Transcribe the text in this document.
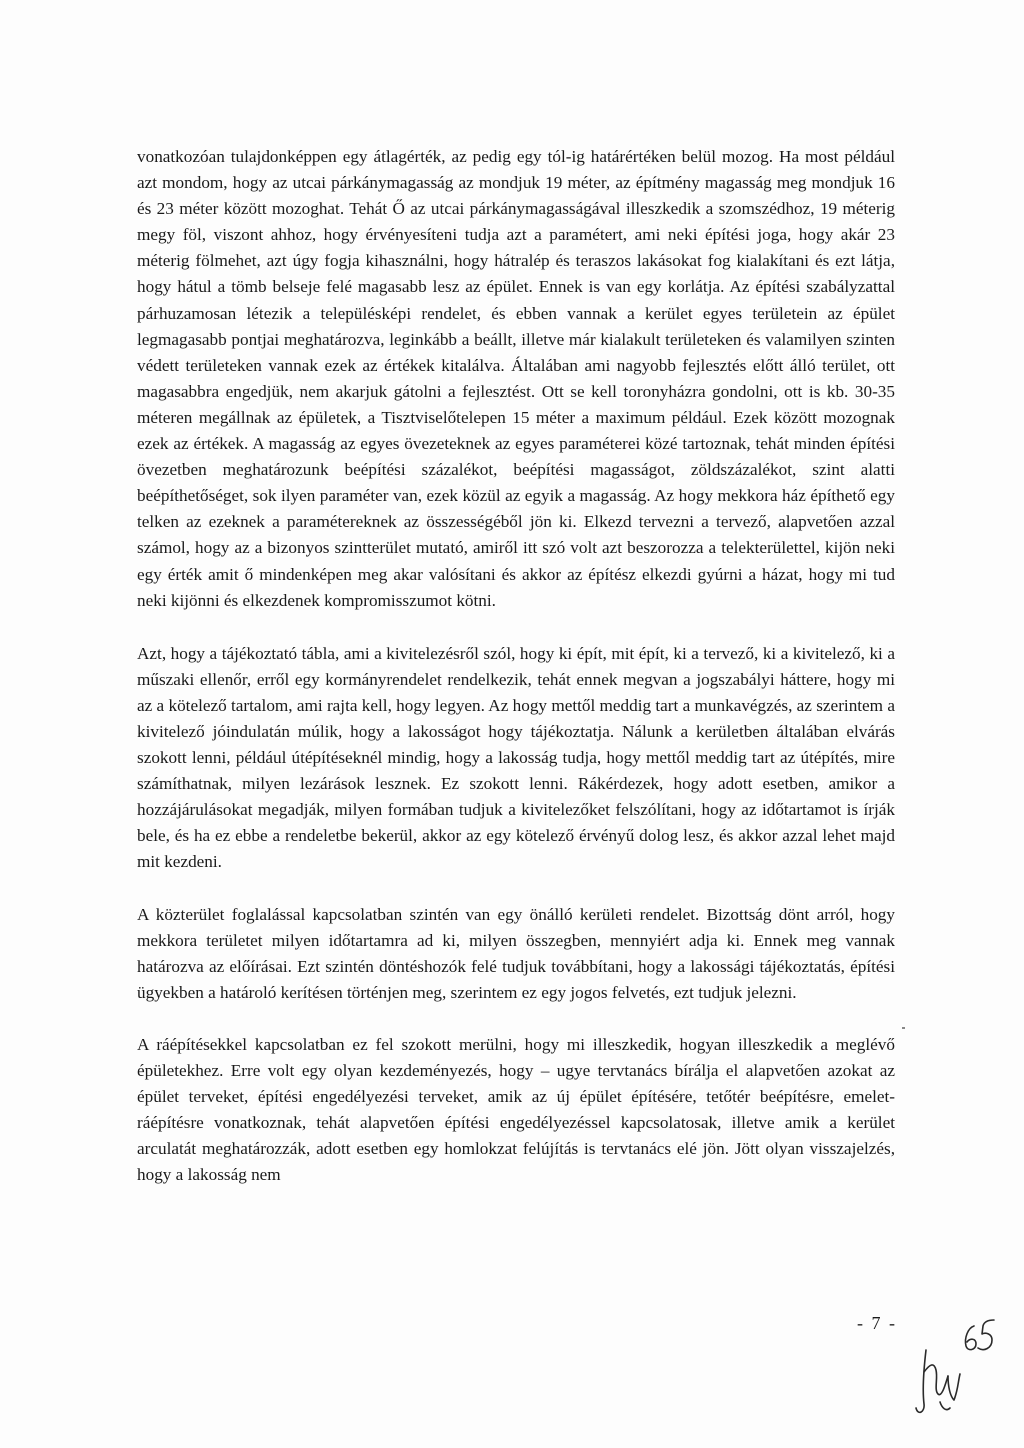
vonatkozóan tulajdonképpen egy átlagérték, az pedig egy tól-ig határértéken belül mozog. Ha most például azt mondom, hogy az utcai párkánymagasság az mondjuk 19 méter, az építmény magasság meg mondjuk 16 és 23 méter között mozoghat. Tehát Ő az utcai párkánymagasságával illeszkedik a szomszédhoz, 19 méterig megy föl, viszont ahhoz, hogy érvényesíteni tudja azt a paramétert, ami neki építési joga, hogy akár 23 méterig fölmehet, azt úgy fogja kihasználni, hogy hátralép és teraszos lakásokat fog kialakítani és ezt látja, hogy hátul a tömb belseje felé magasabb lesz az épület. Ennek is van egy korlátja. Az építési szabályzattal párhuzamosan létezik a településképi rendelet, és ebben vannak a kerület egyes területein az épület legmagasabb pontjai meghatározva, leginkább a beállt, illetve már kialakult területeken és valamilyen szinten védett területeken vannak ezek az értékek kitalálva. Általában ami nagyobb fejlesztés előtt álló terület, ott magasabbra engedjük, nem akarjuk gátolni a fejlesztést. Ott se kell toronyházra gondolni, ott is kb. 30-35 méteren megállnak az épületek, a Tisztviselőtelepen 15 méter a maximum például. Ezek között mozognak ezek az értékek. A magasság az egyes övezeteknek az egyes paraméterei közé tartoznak, tehát minden építési övezetben meghatározunk beépítési százalékot, beépítési magasságot, zöldszázalékot, szint alatti beépíthetőséget, sok ilyen paraméter van, ezek közül az egyik a magasság. Az hogy mekkora ház építhető egy telken az ezeknek a paramétereknek az összességéből jön ki. Elkezd tervezni a tervező, alapvetően azzal számol, hogy az a bizonyos szintterület mutató, amiről itt szó volt azt beszorozza a telekterülettel, kijön neki egy érték amit ő mindenképen meg akar valósítani és akkor az építész elkezdi gyúrni a házat, hogy mi tud neki kijönni és elkezdenek kompromisszumot kötni.

Azt, hogy a tájékoztató tábla, ami a kivitelezésről szól, hogy ki épít, mit épít, ki a tervező, ki a kivitelező, ki a műszaki ellenőr, erről egy kormányrendelet rendelkezik, tehát ennek megvan a jogszabályi háttere, hogy mi az a kötelező tartalom, ami rajta kell, hogy legyen. Az hogy mettől meddig tart a munkavégzés, az szerintem a kivitelező jóindulatán múlik, hogy a lakosságot hogy tájékoztatja. Nálunk a kerületben általában elvárás szokott lenni, például útépítéseknél mindig, hogy a lakosság tudja, hogy mettől meddig tart az útépítés, mire számíthatnak, milyen lezárások lesznek. Ez szokott lenni. Rákérdezek, hogy adott esetben, amikor a hozzájárulásokat megadják, milyen formában tudjuk a kivitelezőket felszólítani, hogy az időtartamot is írják bele, és ha ez ebbe a rendeletbe bekerül, akkor az egy kötelező érvényű dolog lesz, és akkor azzal lehet majd mit kezdeni.

A közterület foglalással kapcsolatban szintén van egy önálló kerületi rendelet. Bizottság dönt arról, hogy mekkora területet milyen időtartamra ad ki, milyen összegben, mennyiért adja ki. Ennek meg vannak határozva az előírásai. Ezt szintén döntéshozók felé tudjuk továbbítani, hogy a lakossági tájékoztatás, építési ügyekben a határoló kerítésen történjen meg, szerintem ez egy jogos felvetés, ezt tudjuk jelezni.

A ráépítésekkel kapcsolatban ez fel szokott merülni, hogy mi illeszkedik, hogyan illeszkedik a meglévő épületekhez. Erre volt egy olyan kezdeményezés, hogy – ugye tervtanács bírálja el alapvetően azokat az épület terveket, építési engedélyezési terveket, amik az új épület építésére, tetőtér beépítésre, emelet-ráépítésre vonatkoznak, tehát alapvetően építési engedélyezéssel kapcsolatosak, illetve amik a kerület arculatát meghatározzák, adott esetben egy homlokzat felújítás is tervtanács elé jön. Jött olyan visszajelzés, hogy a lakosság nem

- 7 -
